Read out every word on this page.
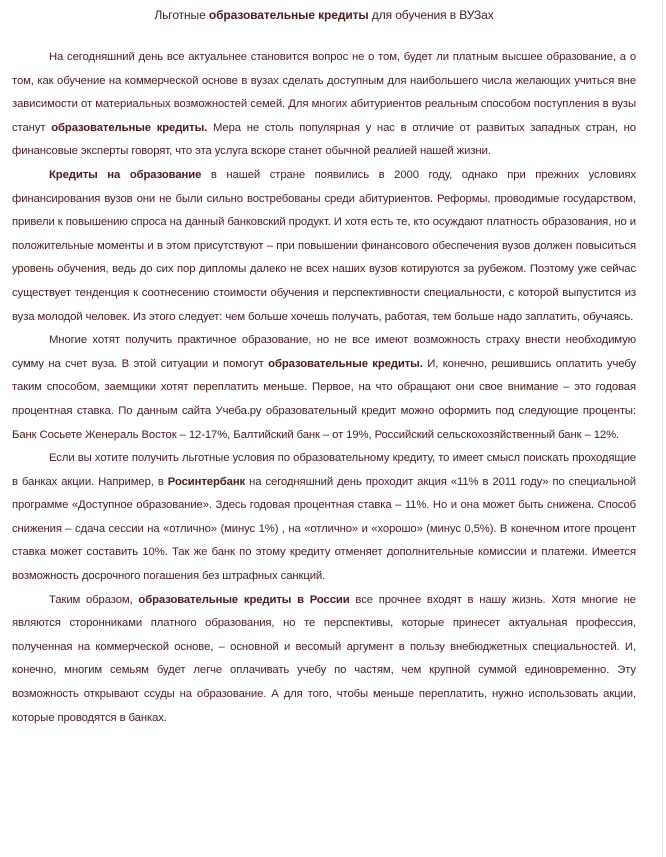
Льготные образовательные кредиты для обучения в ВУЗах

На сегодняшний день все актуальнее становится вопрос не о том, будет ли платным высшее образование, а о том, как обучение на коммерческой основе в вузах сделать доступным для наибольшего числа желающих учиться вне зависимости от материальных возможностей семей. Для многих абитуриентов реальным способом поступления в вузы станут образовательные кредиты. Мера не столь популярная у нас в отличие от развитых западных стран, но финансовые эксперты говорят, что эта услуга вскоре станет обычной реалией нашей жизни.

Кредиты на образование в нашей стране появились в 2000 году, однако при прежних условиях финансирования вузов они не были сильно востребованы среди абитуриентов. Реформы, проводимые государством, привели к повышению спроса на данный банковский продукт. И хотя есть те, кто осуждают платность образования, но и положительные моменты и в этом присутствуют – при повышении финансового обеспечения вузов должен повыситься уровень обучения, ведь до сих пор дипломы далеко не всех наших вузов котируются за рубежом. Поэтому уже сейчас существует тенденция к соотнесению стоимости обучения и перспективности специальности, с которой выпустится из вуза молодой человек. Из этого следует: чем больше хочешь получать, работая, тем больше надо заплатить, обучаясь.

Многие хотят получить практичное образование, но не все имеют возможность страху внести необходимую сумму на счет вуза. В этой ситуации и помогут образовательные кредиты. И, конечно, решившись оплатить учебу таким способом, заемщики хотят переплатить меньше. Первое, на что обращают они свое внимание – это годовая процентная ставка. По данным сайта Учеба.ру образовательный кредит можно оформить под следующие проценты: Банк Сосьете Женераль Восток – 12-17%, Балтийский банк – от 19%, Российский сельскохозяйственный банк – 12%.

Если вы хотите получить льготные условия по образовательному кредиту, то имеет смысл поискать проходящие в банках акции. Например, в Росинтербанк на сегодняшний день проходит акция «11% в 2011 году» по специальной программе «Доступное образование». Здесь годовая процентная ставка – 11%. Но и она может быть снижена. Способ снижения – сдача сессии на «отлично» (минус 1%) , на «отлично» и «хорошо» (минус 0,5%). В конечном итоге процент ставка может составить 10%. Так же банк по этому кредиту отменяет дополнительные комиссии и платежи. Имеется возможность досрочного погашения без штрафных санкций.

Таким образом, образовательные кредиты в России все прочнее входят в нашу жизнь. Хотя многие не являются сторонниками платного образования, но те перспективы, которые принесет актуальная профессия, полученная на коммерческой основе, – основной и весомый аргумент в пользу внебюджетных специальностей. И, конечно, многим семьям будет легче оплачивать учебу по частям, чем крупной суммой единовременно. Эту возможность открывают ссуды на образование. А для того, чтобы меньше переплатить, нужно использовать акции, которые проводятся в банках.
